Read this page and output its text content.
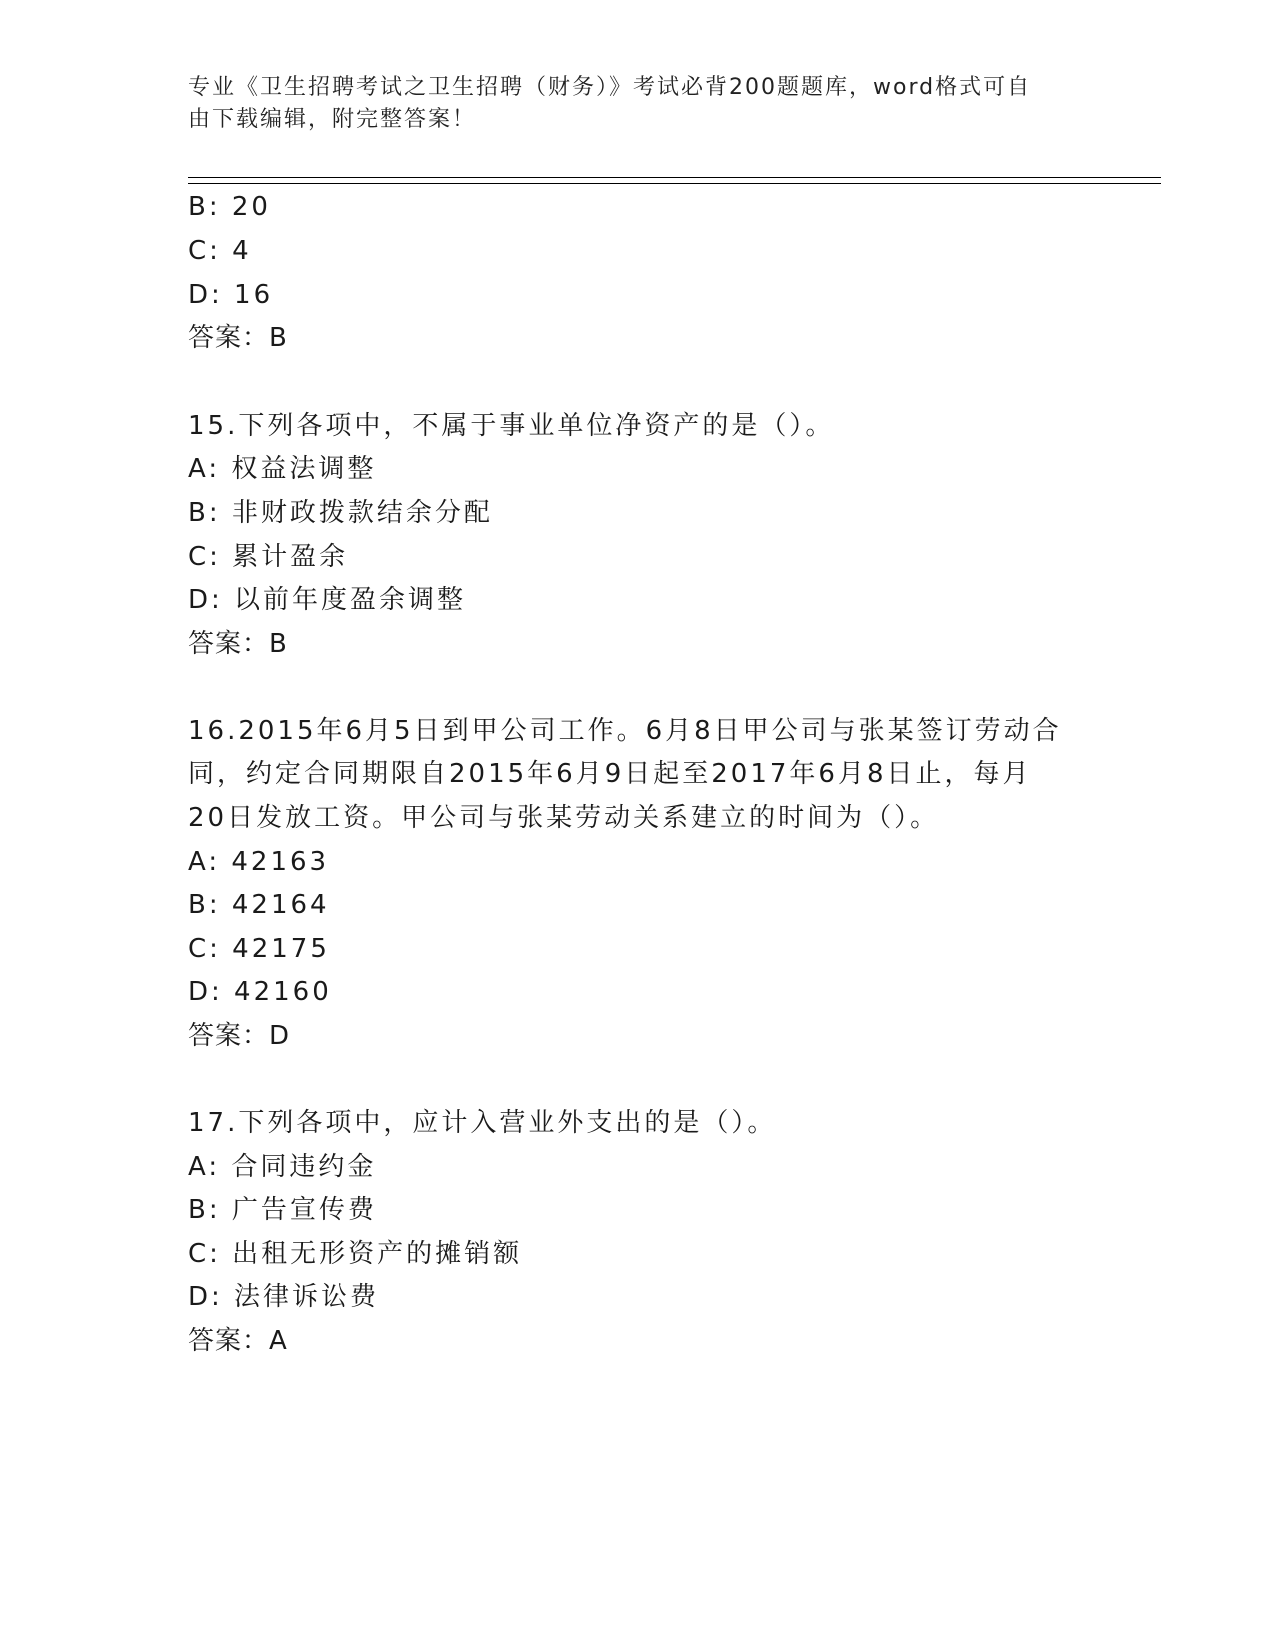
专业《卫生招聘考试之卫生招聘（财务）》考试必背200题题库，word格式可自
由下载编辑，附完整答案！
B: 20
C: 4
D: 16
答案：B
15.下列各项中，不属于事业单位净资产的是（）。
A: 权益法调整
B: 非财政拨款结余分配
C: 累计盈余
D: 以前年度盈余调整
答案：B
16.2015年6月5日到甲公司工作。6月8日甲公司与张某签订劳动合
同，约定合同期限自2015年6月9日起至2017年6月8日止，每月
20日发放工资。甲公司与张某劳动关系建立的时间为（）。
A: 42163
B: 42164
C: 42175
D: 42160
答案：D
17.下列各项中，应计入营业外支出的是（）。
A: 合同违约金
B: 广告宣传费
C: 出租无形资产的摊销额
D: 法律诉讼费
答案：A
